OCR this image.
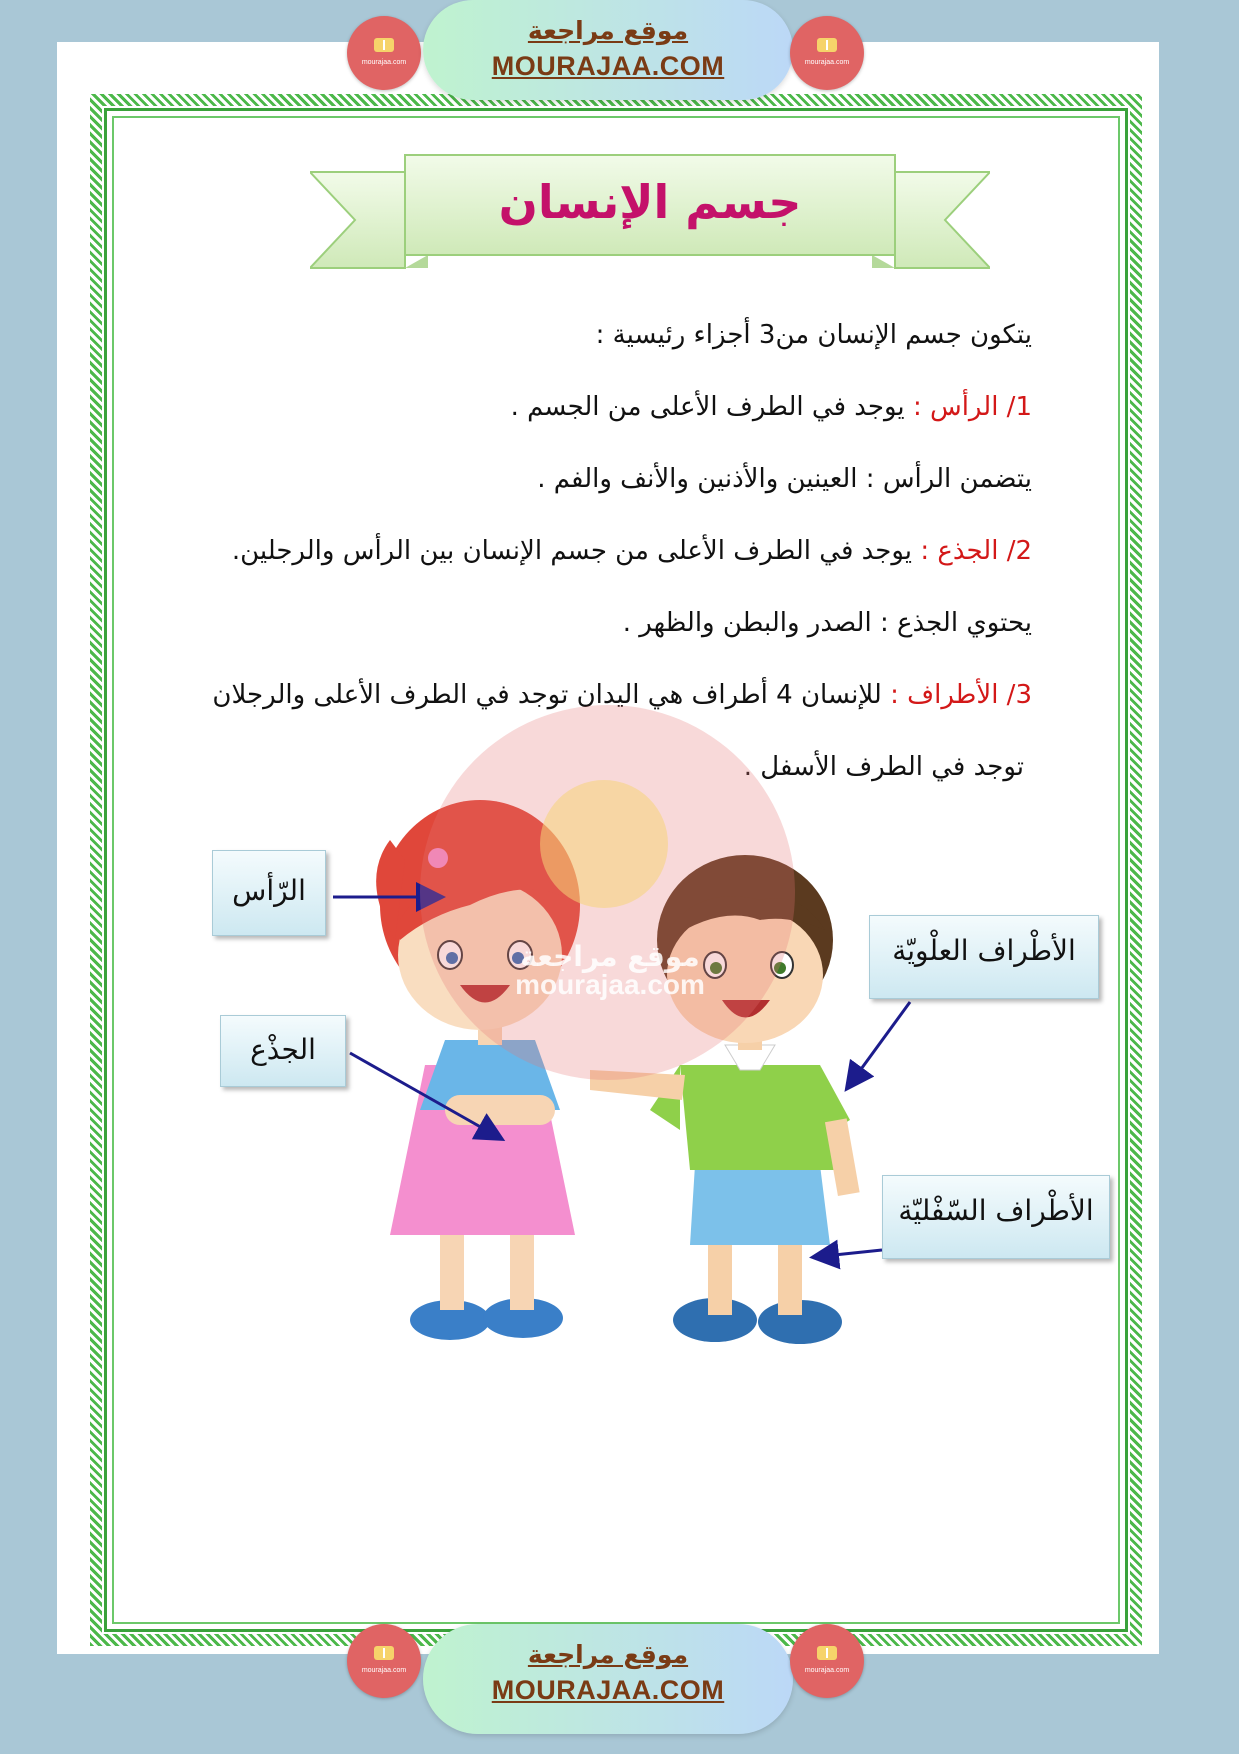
mourajaa.com
موقع مراجعة
MOURAJAA.COM	mourajaa.com
mourajaa.com
موقع مراجعة
MOURAJAA.COM
mourajaa.com
جسم الإنسان
يتكون جسم الإنسان من3 أجزاء رئيسية :
1/ الرأس : يوجد في الطرف الأعلى من الجسم .
يتضمن الرأس : العينين والأذنين والأنف والفم .
2/ الجذع : يوجد في الطرف الأعلى من جسم الإنسان بين الرأس والرجلين.
يحتوي الجذع : الصدر والبطن والظهر .
3/ الأطراف : للإنسان 4 أطراف هي اليدان توجد في الطرف الأعلى والرجلان
توجد في الطرف الأسفل .
موقع مراجعة
mourajaa.com
الرّأس
الجذْع
الأطْراف العلْويّة
الأطْراف السّفْليّة
